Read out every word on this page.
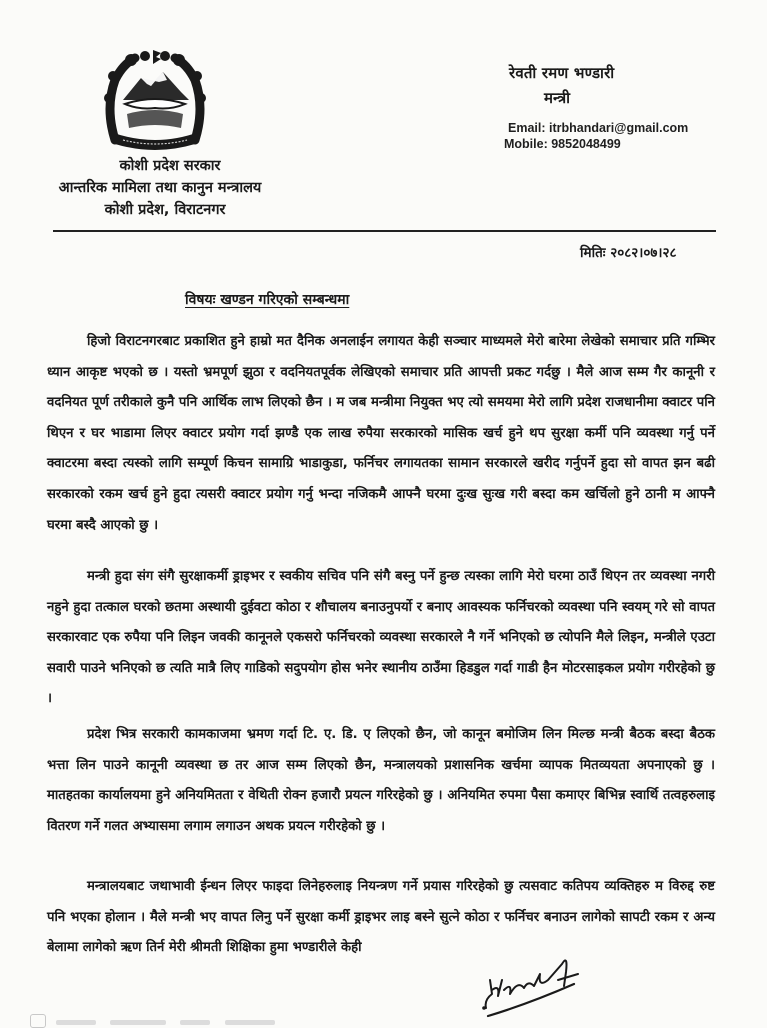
कोशी प्रदेश सरकार
आन्तरिक मामिला तथा कानुन मन्त्रालय
कोशी प्रदेश, विराटनगर
रेवती रमण भण्डारी
मन्त्री
Email: itrbhandari@gmail.com
Mobile: 9852048499
मितिः २०८२।०७।२८
विषयः खण्डन गरिएको सम्बन्धमा

हिजो विराटनगरबाट प्रकाशित हुने हाम्रो मत दैनिक अनलाईन लगायत केही सञ्चार माध्यमले मेरो बारेमा लेखेको समाचार प्रति गम्भिर ध्यान आकृष्ट भएको छ । यस्तो भ्रमपूर्ण झुठा र वदनियतपूर्वक लेखिएको समाचार प्रति आपत्ती प्रकट गर्दछु । मैले आज सम्म गैर कानूनी र वदनियत पूर्ण तरीकाले कुनै पनि आर्थिक लाभ लिएको छैन । म जब मन्त्रीमा नियुक्त भए त्यो समयमा मेरो लागि प्रदेश राजधानीमा क्वाटर पनि थिएन र घर भाडामा लिएर क्वाटर प्रयोग गर्दा झण्डै एक लाख रुपैया सरकारको मासिक खर्च हुने थप सुरक्षा कर्मी पनि व्यवस्था गर्नु पर्ने क्वाटरमा बस्दा त्यस्को लागि सम्पूर्ण किचन सामाग्रि भाडाकुडा, फर्निचर लगायतका सामान सरकारले खरीद गर्नुपर्ने हुदा सो वापत झन बढी सरकारको रकम खर्च हुने हुदा त्यसरी क्वाटर प्रयोग गर्नु भन्दा नजिकमै आफ्नै घरमा दुःख सुःख गरी बस्दा कम खर्चिलो हुने ठानी म आफ्नै घरमा बस्दै आएको छु ।

मन्त्री हुदा संग संगै सुरक्षाकर्मी ड्राइभर र स्वकीय सचिव पनि संगै बस्नु पर्ने हुन्छ त्यस्का लागि मेरो घरमा ठाउँ थिएन तर व्यवस्था नगरी नहुने हुदा तत्काल घरको छतमा अस्थायी दुईवटा कोठा र शौचालय बनाउनुपर्यो र बनाए आवस्यक फर्निचरको व्यवस्था पनि स्वयम् गरे सो वापत सरकारवाट एक रुपैया पनि लिइन जवकी कानूनले एकसरो फर्निचरको व्यवस्था सरकारले नै गर्ने भनिएको छ त्योपनि मैले लिइन, मन्त्रीले एउटा सवारी पाउने भनिएको छ त्यति मात्रै लिए गाडिको सदुपयोग होस भनेर स्थानीय ठाउँमा हिडडुल गर्दा गाडी हैन मोटरसाइकल प्रयोग गरीरहेको छु ।

प्रदेश भित्र सरकारी कामकाजमा भ्रमण गर्दा टि. ए. डि. ए लिएको छैन, जो कानून बमोजिम लिन मिल्छ मन्त्री बैठक बस्दा बैठक भत्ता लिन पाउने कानूनी व्यवस्था छ तर आज सम्म लिएको छैन, मन्त्रालयको प्रशासनिक खर्चमा व्यापक मितव्ययता अपनाएको छु । मातहतका कार्यालयमा हुने अनियमितता र वेथिती रोक्न हजारौ प्रयत्न गरिरहेको छु । अनियमित रुपमा पैसा कमाएर बिभिन्न स्वार्थि तत्वहरुलाइ वितरण गर्ने गलत अभ्यासमा लगाम लगाउन अथक प्रयत्न गरीरहेको छु ।

मन्त्रालयबाट जथाभावी ईन्धन लिएर फाइदा लिनेहरुलाइ नियन्त्रण गर्ने प्रयास गरिरहेको छु त्यसवाट कतिपय व्यक्तिहरु म विरुद्द रुष्ट पनि भएका होलान । मैले मन्त्री भए वापत लिनु पर्ने सुरक्षा कर्मी ड्राइभर लाइ बस्ने सुत्ने कोठा र फर्निचर बनाउन लागेको सापटी रकम र अन्य बेलामा लागेको ऋण तिर्न मेरी श्रीमती शिक्षिका हुमा भण्डारीले केही
